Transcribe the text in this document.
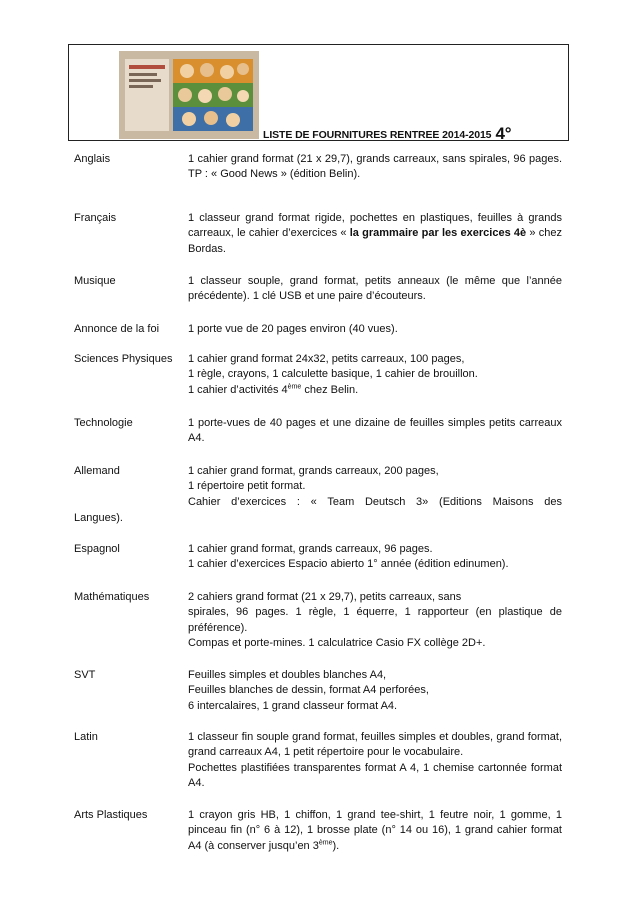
LISTE DE FOURNITURES RENTREE 2014-2015 4°
Anglais	1 cahier grand format (21 x 29,7), grands carreaux, sans spirales, 96 pages. TP : « Good News » (édition Belin).

Français	1 classeur grand format rigide, pochettes en plastiques, feuilles à grands carreaux, le cahier d’exercices « la grammaire par les exercices 4è » chez Bordas.

Musique	1 classeur souple, grand format, petits anneaux (le même que l’année précédente). 1 clé USB et une paire d’écouteurs.

Annonce de la foi	1 porte vue de 20 pages environ (40 vues).

Sciences Physiques	1 cahier grand format 24x32, petits carreaux, 100 pages,

1 règle, crayons, 1 calculette basique, 1 cahier de brouillon.

1 cahier d’activités 4ème chez Belin.

Technologie	1 porte-vues de 40 pages et une dizaine de feuilles simples petits carreaux A4.

Allemand	1 cahier grand format, grands carreaux, 200 pages,

1 répertoire petit format.

Cahier d’exercices : « Team Deutsch 3» (Editions Maisons des

Langues).
Espagnol	1 cahier grand format, grands carreaux, 96 pages.

1 cahier d’exercices Espacio abierto 1° année (édition edinumen).

Mathématiques	2 cahiers grand format (21 x 29,7), petits carreaux, sans

spirales, 96 pages. 1 règle, 1 équerre, 1 rapporteur (en plastique de préférence).

Compas et porte-mines. 1 calculatrice Casio FX collège 2D+.

SVT	Feuilles simples et doubles blanches A4,

Feuilles blanches de dessin, format A4 perforées,

6 intercalaires, 1 grand classeur format A4.

Latin	1 classeur fin souple grand format, feuilles simples et doubles, grand format, grand carreaux A4, 1 petit répertoire pour le vocabulaire.

Pochettes plastifiées transparentes format A 4, 1 chemise cartonnée format A4.

Arts Plastiques	1 crayon gris HB, 1 chiffon, 1 grand tee-shirt, 1 feutre noir, 1 gomme, 1 pinceau fin (n° 6 à 12), 1 brosse plate (n° 14 ou 16), 1 grand cahier format A4 (à conserver jusqu’en 3ème).
